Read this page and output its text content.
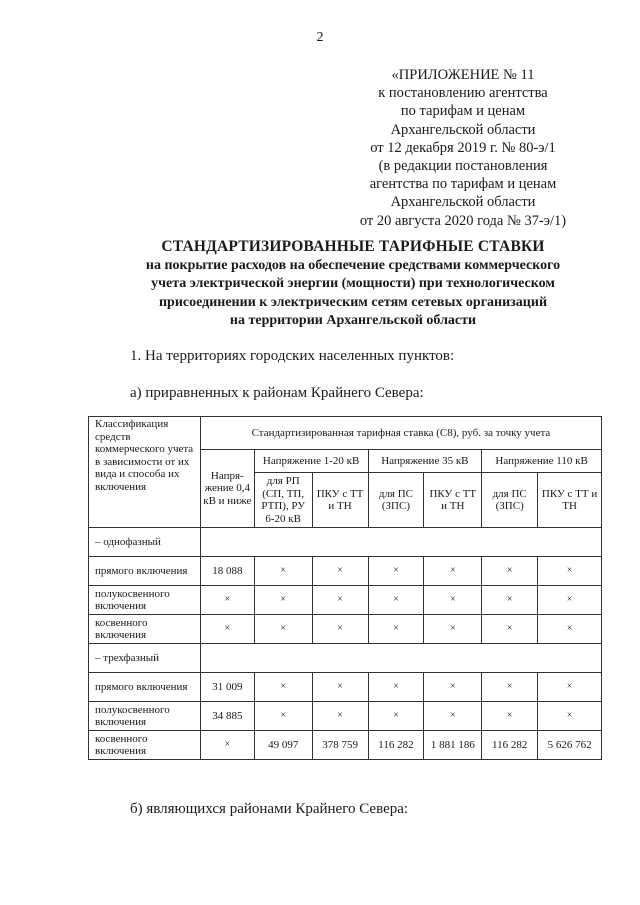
2
«ПРИЛОЖЕНИЕ № 11
к постановлению агентства
по тарифам и ценам
Архангельской области
от 12 декабря 2019 г. № 80-э/1
(в редакции постановления
агентства по тарифам и ценам
Архангельской области
от 20 августа 2020 года № 37-э/1)
СТАНДАРТИЗИРОВАННЫЕ ТАРИФНЫЕ СТАВКИ
на покрытие расходов на обеспечение средствами коммерческого
учета электрической энергии (мощности) при технологическом
присоединении к электрическим сетям сетевых организаций
на территории Архангельской области
1. На территориях городских населенных пунктов:
а) приравненных к районам Крайнего Севера:
Классификация средств коммерческого учета в зависимости от их вида и способа их включения	Стандартизированная тарифная ставка (С8), руб. за точку учета						
	Напря-жение 0,4 кВ и ниже	Напряжение 1-20 кВ		Напряжение 35 кВ		Напряжение 110 кВ	
		для РП (СП, ТП, РТП), РУ 6-20 кВ	ПКУ с ТТ и ТН	для ПС (ЗПС)	ПКУ с ТТ и ТН	для ПС (ЗПС)	ПКУ с ТТ и ТН
– однофазный							
прямого включения	18 088	×	×	×	×	×	×
полукосвенного включения	×	×	×	×	×	×	×
косвенного включения	×	×	×	×	×	×	×
– трехфазный							
прямого включения	31 009	×	×	×	×	×	×
полукосвенного включения	34 885	×	×	×	×	×	×
косвенного включения	×	49 097	378 759	116 282	1 881 186	116 282	5 626 762
б) являющихся районами Крайнего Севера:
